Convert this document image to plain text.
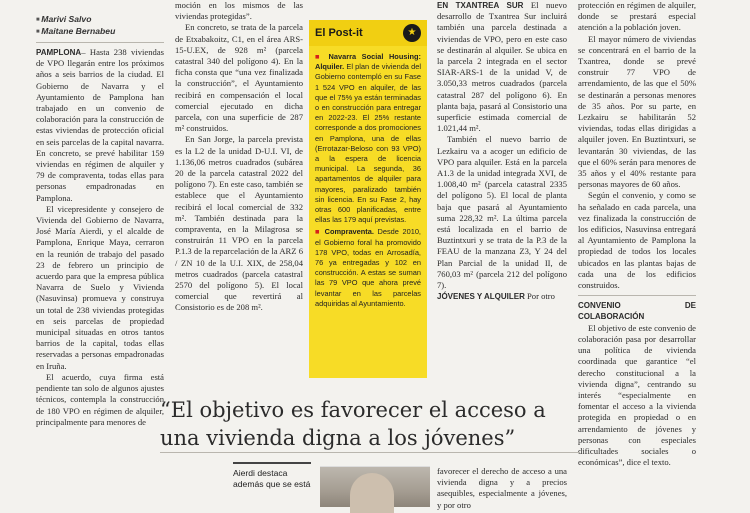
■ Marivi Salvo
■ Maitane Bernabeu

PAMPLONA– Hasta 238 viviendas de VPO llegarán entre los próximos años a seis barrios de la ciudad. El Gobierno de Navarra y el Ayuntamiento de Pamplona han trabajado en un convenio de colaboración para la construcción de estas viviendas de protección oficial en seis parcelas de la capital navarra. En concreto, se prevé habilitar 159 viviendas en régimen de alquiler y 79 de compraventa, todas ellas para personas empadronadas en Pamplona.

El vicepresidente y consejero de Vivienda del Gobierno de Navarra, José María Aierdi, y el alcalde de Pamplona, Enrique Maya, cerraron en la reunión de trabajo del pasado 23 de febrero un principio de acuerdo para que la empresa pública Navarra de Suelo y Vivienda (Nasuvinsa) promueva y construya un total de 238 viviendas protegidas en seis parcelas de propiedad municipal situadas en otros tantos barrios de la capital, todas ellas reservadas a personas empadronadas en Iruña.

El acuerdo, cuya firma está pendiente tan solo de algunos ajustes técnicos, contempla la construcción de 180 VPO en régimen de alquiler, principalmente para menores de

moción en los mismos de las viviendas protegidas”.

En concreto, se trata de la parcela de Etxabakoitz, C1, en el área ARS-15-U.EX, de 928 m² (parcela catastral 340 del polígono 4). En la ficha consta que “una vez finalizada la construcción”, el Ayuntamiento recibirá en compensación el local comercial ejecutado en dicha parcela, con una superficie de 287 m² construidos.

En San Jorge, la parcela prevista es la L2 de la unidad D-U.I. VI, de 1.136,06 metros cuadrados (subárea 20 de la parcela catastral 2022 del polígono 7). En este caso, también se establece que el Ayuntamiento recibirá el local comercial de 332 m². También destinada para la compraventa, en la Milagrosa se construirán 11 VPO en la parcela P.1.3 de la reparcelación de la ARZ 6 / ZN 10 de la U.I. XIX, de 258,04 metros cuadrados (parcela catastral 2570 del polígono 5). El local comercial que revertirá al Consistorio es de 208 m².

El Post-it	★

■ Navarra Social Housing: Alquiler. El plan de vivienda del Gobierno contempló en su Fase 1 524 VPO en alquiler, de las que el 75% ya están terminadas o en construcción para entregar en 2022-23. El 25% restante corresponde a dos promociones en Pamplona, una de ellas (Errotazar-Beloso con 93 VPO) a la espera de licencia municipal. La segunda, 36 apartamentos de alquiler para mayores, paralizado también sin licencia. En su Fase 2, hay otras 600 planificadas, entre ellas las 179 aquí previstas.

■ Compraventa. Desde 2010, el Gobierno foral ha promovido 178 VPO, todas en Arrosadía, 76 ya entregadas y 102 en construcción. A estas se suman las 79 VPO que ahora prevé levantar en las parcelas adquiridas al Ayuntamiento.

EN TXANTREA SUR El nuevo desarrollo de Txantrea Sur incluirá también una parcela destinada a viviendas de VPO, pero en este caso se destinarán al alquiler. Se ubica en la parcela 2 integrada en el sector SIAR-ARS-1 de la unidad V, de 3.050,33 metros cuadrados (parcela catastral 287 del polígono 6). En planta baja, pasará al Consistorio una superficie estimada comercial de 1.021,44 m².

También el nuevo barrio de Lezkairu va a acoger un edificio de VPO para alquiler. Está en la parcela A1.3 de la unidad integrada XVI, de 1.008,40 m² (parcela catastral 2335 del polígono 5). El local de planta baja que pasará al Ayuntamiento suma 228,32 m². La última parcela está localizada en el barrio de Buztintxuri y se trata de la P.3 de la FEAU de la manzana Z3, Y 24 del Plan Parcial de la unidad II, de 760,03 m² (parcela 212 del polígono 7).

JÓVENES Y ALQUILER Por otro

protección en régimen de alquiler, donde se prestará especial atención a la población joven.

El mayor número de viviendas se concentrará en el barrio de la Txantrea, donde se prevé construir 77 VPO de arrendamiento, de las que el 50% se destinarán a personas menores de 35 años. Por su parte, en Lezkairu se habilitarán 52 viviendas, todas ellas dirigidas a alquiler joven. En Buztintxuri, se levantarán 30 viviendas, de las que el 60% serán para menores de 35 años y el 40% restante para personas mayores de 60 años.

Según el convenio, y como se ha señalado en cada parcela, una vez finalizada la construcción de los edificios, Nasuvinsa entregará al Ayuntamiento de Pamplona la propiedad de todos los locales ubicados en las plantas bajas de cada una de los edificios construidos.

CONVENIO DE COLABORACIÓN

El objetivo de este convenio de colaboración pasa por desarrollar una política de vivienda coordinada que garantice “el derecho constitucional a la vivienda digna”, centrando su interés “especialmente en fomentar el acceso a la vivienda protegida en propiedad o en arrendamiento de jóvenes y personas con especiales dificultades sociales o económicas”, dice el texto.

“El objetivo es favorecer el acceso a una vivienda digna a los jóvenes”
Aierdi destaca además que se está

favorecer el derecho de acceso a una vivienda digna y a precios asequibles, especialmente a jóvenes, y por otro
